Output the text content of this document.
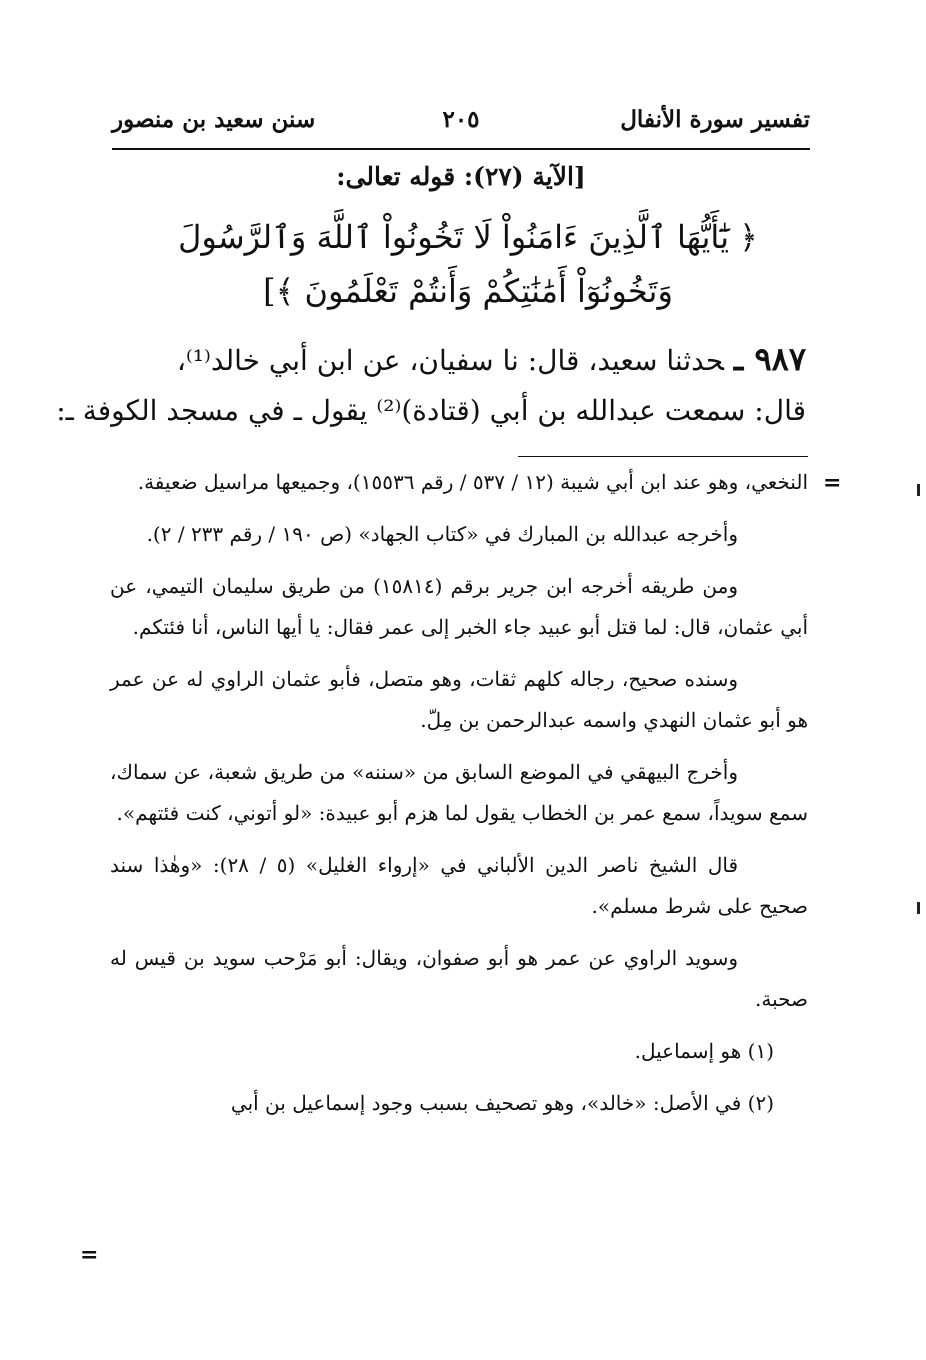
تفسير سورة الأنفال
٢٠٥
سنن سعيد بن منصور
[الآية (٢٧): قوله تعالى:
﴿ يَٰٓأَيُّهَا ٱلَّذِينَ ءَامَنُواْ لَا تَخُونُواْ ٱللَّهَ وَٱلرَّسُولَ
وَتَخُونُوٓاْ أَمَٰنَٰتِكُمْ وَأَنتُمْ تَعْلَمُونَ ﴾]
٩٨٧ ـحدثنا سعيد، قال: نا سفيان، عن ابن أبي خالد⁽¹⁾،
قال: سمعت عبدالله بن أبي (قتادة)⁽²⁾ يقول ـ في مسجد الكوفة ـ:

النخعي، وهو عند ابن أبي شيبة (١٢ / ٥٣٧ / رقم ١٥٥٣٦)، وجميعها مراسيل ضعيفة.

وأخرجه عبدالله بن المبارك في «كتاب الجهاد» (ص ١٩٠ / رقم ٢٣٣ / ٢).

ومن طريقه أخرجه ابن جرير برقم (١٥٨١٤) من طريق سليمان التيمي، عن أبي عثمان، قال: لما قتل أبو عبيد جاء الخبر إلى عمر فقال: يا أيها الناس، أنا فئتكم.

وسنده صحيح، رجاله كلهم ثقات، وهو متصل، فأبو عثمان الراوي له عن عمر هو أبو عثمان النهدي واسمه عبدالرحمن بن مِلّ.

وأخرج البيهقي في الموضع السابق من «سننه» من طريق شعبة، عن سماك، سمع سويداً، سمع عمر بن الخطاب يقول لما هزم أبو عبيدة: «لو أتوني، كنت فئتهم».

قال الشيخ ناصر الدين الألباني في «إرواء الغليل» (٥ / ٢٨): «وهٰذا سند صحيح على شرط مسلم».

وسويد الراوي عن عمر هو أبو صفوان، ويقال: أبو مَرْحب سويد بن قيس له صحبة.

(١) هو إسماعيل.

(٢) في الأصل: «خالد»، وهو تصحيف بسبب وجود إسماعيل بن أبي

=
=
